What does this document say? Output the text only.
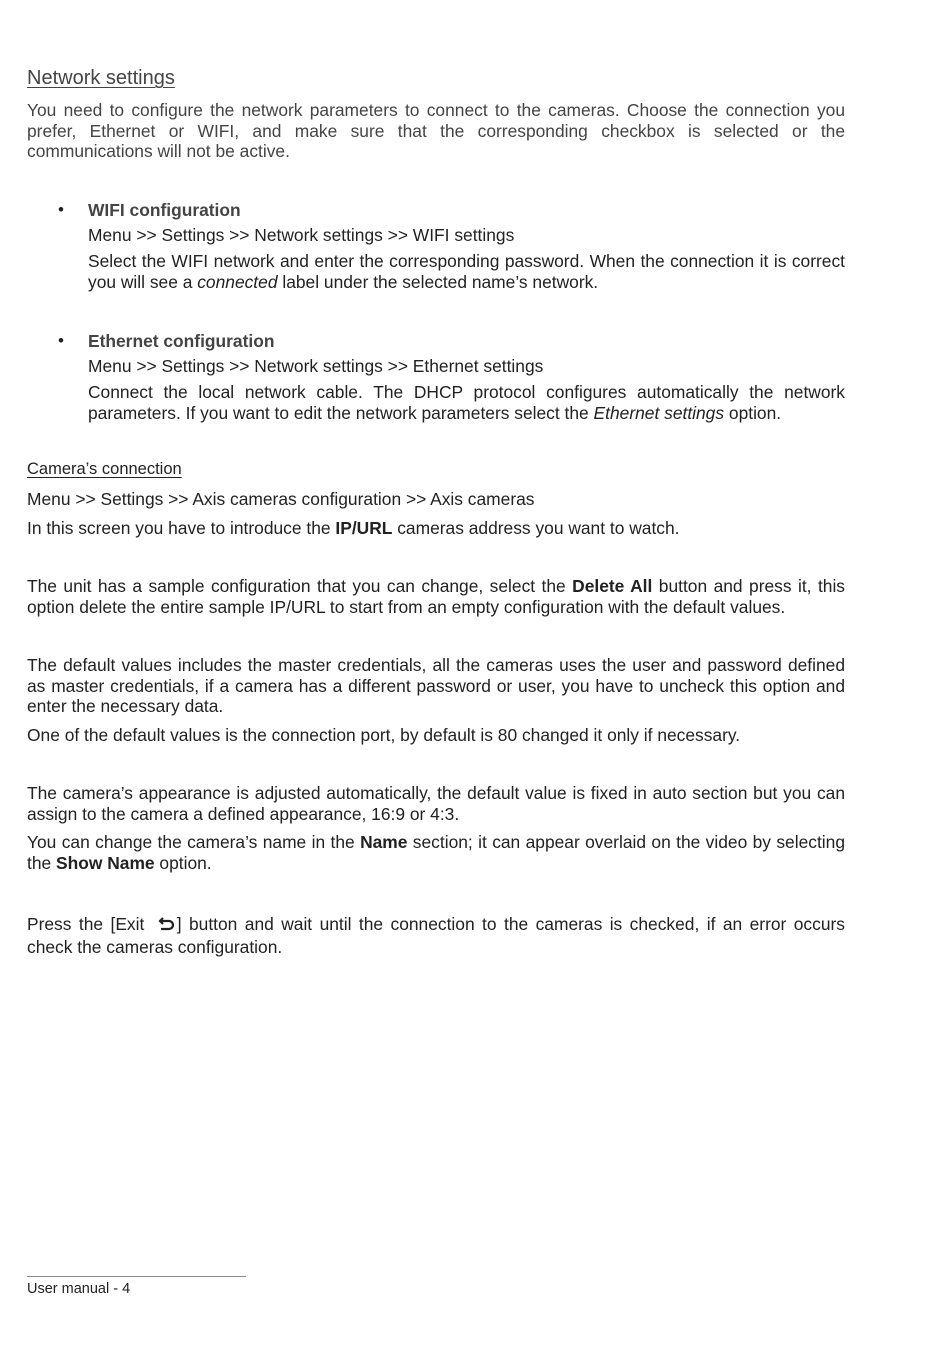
Network settings

You need to configure the network parameters to connect to the cameras. Choose the connection you prefer, Ethernet or WIFI, and make sure that the corresponding checkbox is selected or the communications will not be active.

• WIFI configuration

Menu >> Settings >> Network settings >> WIFI settings

Select the WIFI network and enter the corresponding password. When the connection it is correct you will see a connected label under the selected name’s network.

• Ethernet configuration

Menu >> Settings >> Network settings >> Ethernet settings

Connect the local network cable. The DHCP protocol configures automatically the network parameters. If you want to edit the network parameters select the Ethernet settings option.

Camera’s connection

Menu >> Settings >> Axis cameras configuration >> Axis cameras

In this screen you have to introduce the IP/URL cameras address you want to watch.

The unit has a sample configuration that you can change, select the Delete All button and press it, this option delete the entire sample IP/URL to start from an empty configuration with the default values.

The default values includes the master credentials, all the cameras uses the user and password defined as master credentials, if a camera has a different password or user, you have to uncheck this option and enter the necessary data.

One of the default values is the connection port, by default is 80 changed it only if necessary.

The camera’s appearance is adjusted automatically, the default value is fixed in auto section but you can assign to the camera a defined appearance, 16:9 or 4:3.

You can change the camera’s name in the Name section; it can appear overlaid on the video by selecting the Show Name option.

Press the [Exit ] button and wait until the connection to the cameras is checked, if an error occurs check the cameras configuration.

User manual - 4
